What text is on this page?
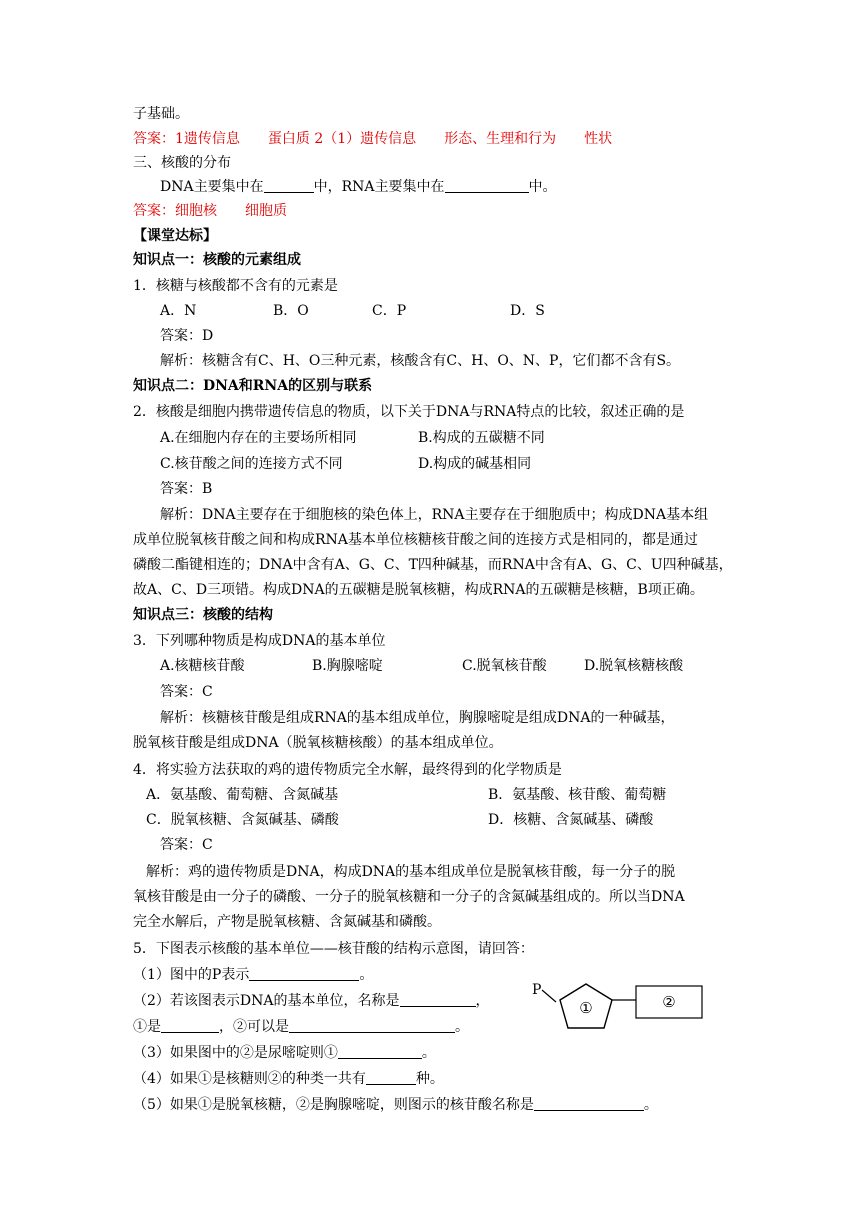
子基础。
答案：1遗传信息　　蛋白质 2（1）遗传信息　　形态、生理和行为　　性状
三、核酸的分布
DNA主要集中在	中，RNA主要集中在	中。
答案：细胞核　　细胞质
【课堂达标】
知识点一：核酸的元素组成
1．核糖与核酸都不含有的元素是
A．N	B．O	C．P	D．S
答案：D
解析：核糖含有C、H、O三种元素，核酸含有C、H、O、N、P，它们都不含有S。
知识点二：DNA和RNA的区别与联系
2．核酸是细胞内携带遗传信息的物质，以下关于DNA与RNA特点的比较，叙述正确的是
A.在细胞内存在的主要场所相同	B.构成的五碳糖不同
C.核苷酸之间的连接方式不同	D.构成的碱基相同
答案：B
解析：DNA主要存在于细胞核的染色体上，RNA主要存在于细胞质中；构成DNA基本组
成单位脱氧核苷酸之间和构成RNA基本单位核糖核苷酸之间的连接方式是相同的，都是通过
磷酸二酯键相连的；DNA中含有A、G、C、T四种碱基，而RNA中含有A、G、C、U四种碱基，
故A、C、D三项错。构成DNA的五碳糖是脱氧核糖，构成RNA的五碳糖是核糖，B项正确。
知识点三：核酸的结构
3．下列哪种物质是构成DNA的基本单位
A.核糖核苷酸	B.胸腺嘧啶	C.脱氧核苷酸	D.脱氧核糖核酸
答案：C
解析：核糖核苷酸是组成RNA的基本组成单位，胸腺嘧啶是组成DNA的一种碱基，
脱氧核苷酸是组成DNA（脱氧核糖核酸）的基本组成单位。
4．将实验方法获取的鸡的遗传物质完全水解，最终得到的化学物质是
A．氨基酸、葡萄糖、含氮碱基	B．氨基酸、核苷酸、葡萄糖
C．脱氧核糖、含氮碱基、磷酸	D．核糖、含氮碱基、磷酸
答案：C
解析：鸡的遗传物质是DNA，构成DNA的基本组成单位是脱氧核苷酸，每一分子的脱
氧核苷酸是由一分子的磷酸、一分子的脱氧核糖和一分子的含氮碱基组成的。所以当DNA
完全水解后，产物是脱氧核糖、含氮碱基和磷酸。
5．下图表示核酸的基本单位——核苷酸的结构示意图，请回答：
（1）图中的P表示	。
（2）若该图表示DNA的基本单位，名称是	，
①是	，②可以是	。
（3）如果图中的②是尿嘧啶则①	。
（4）如果①是核糖则②的种类一共有	种。
（5）如果①是脱氧核糖，②是胸腺嘧啶，则图示的核苷酸名称是	。
P
①	②
